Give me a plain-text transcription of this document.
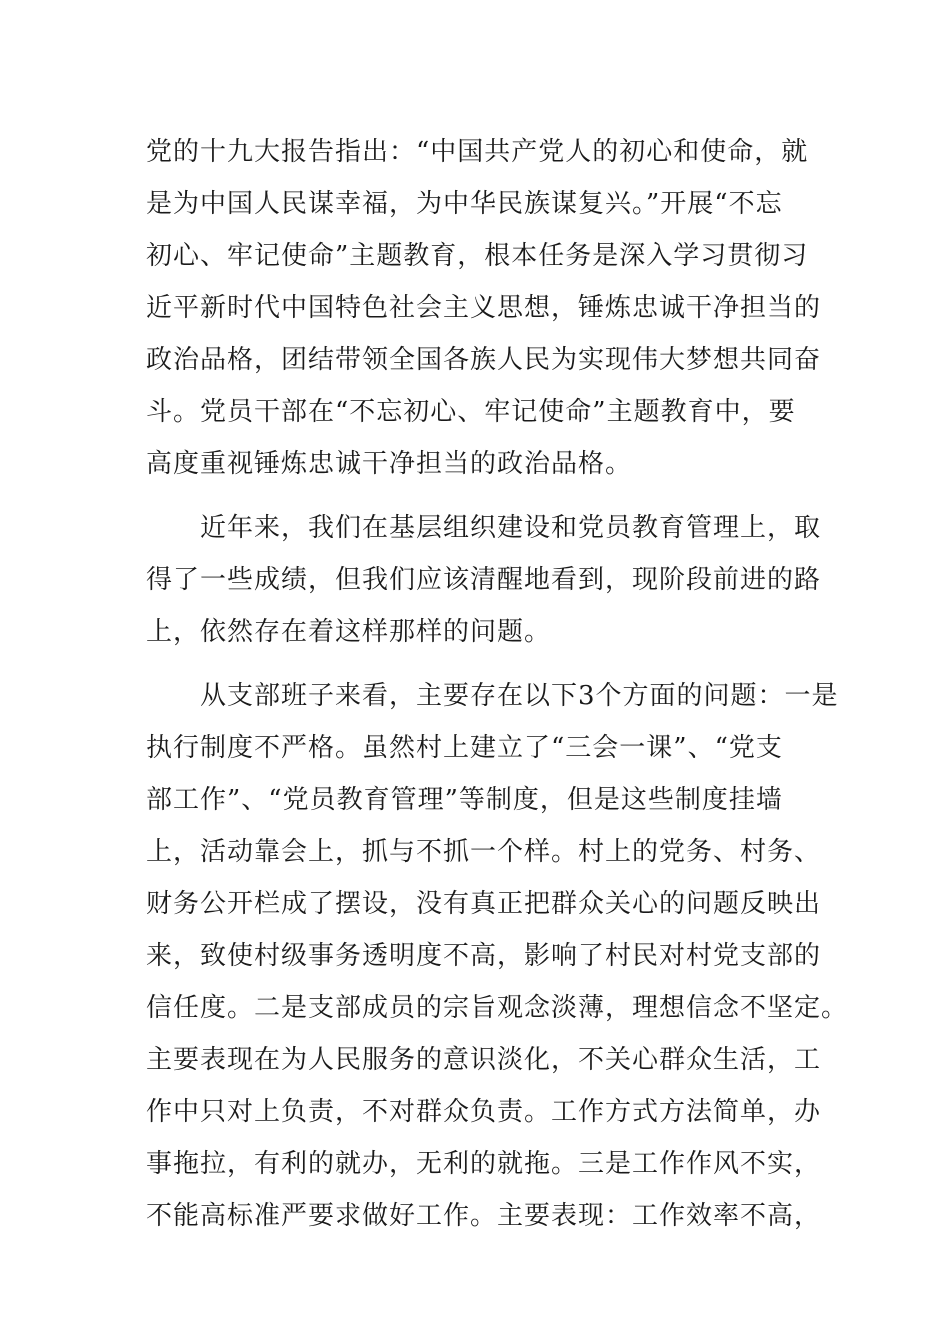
党的十九大报告指出：“中国共产党人的初心和使命，就
是为中国人民谋幸福，为中华民族谋复兴。”开展“不忘
初心、牢记使命”主题教育，根本任务是深入学习贯彻习
近平新时代中国特色社会主义思想，锤炼忠诚干净担当的
政治品格，团结带领全国各族人民为实现伟大梦想共同奋
斗。党员干部在“不忘初心、牢记使命”主题教育中，要
高度重视锤炼忠诚干净担当的政治品格。
　　近年来，我们在基层组织建设和党员教育管理上，取
得了一些成绩，但我们应该清醒地看到，现阶段前进的路
上，依然存在着这样那样的问题。
　　从支部班子来看，主要存在以下3个方面的问题：一是
执行制度不严格。虽然村上建立了“三会一课”、“党支
部工作”、“党员教育管理”等制度，但是这些制度挂墙
上，活动靠会上，抓与不抓一个样。村上的党务、村务、
财务公开栏成了摆设，没有真正把群众关心的问题反映出
来，致使村级事务透明度不高，影响了村民对村党支部的
信任度。二是支部成员的宗旨观念淡薄，理想信念不坚定。
主要表现在为人民服务的意识淡化，不关心群众生活，工
作中只对上负责，不对群众负责。工作方式方法简单，办
事拖拉，有利的就办，无利的就拖。三是工作作风不实，
不能高标准严要求做好工作。主要表现：工作效率不高，
